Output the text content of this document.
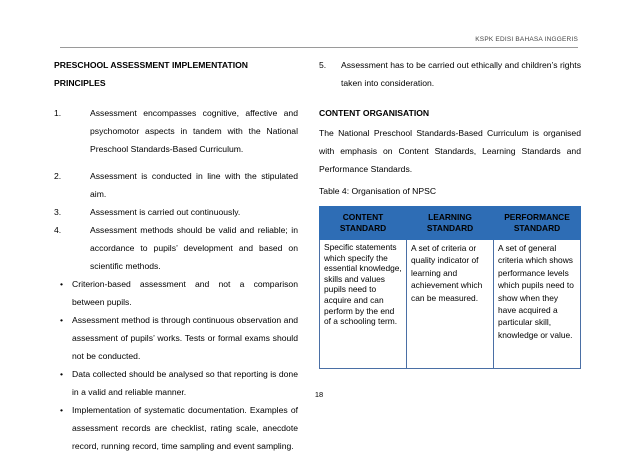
KSPK EDISI BAHASA INGGERIS

PRESCHOOL ASSESSMENT IMPLEMENTATION

PRINCIPLES

1.	Assessment encompasses cognitive, affective and psychomotor aspects in tandem with the National Preschool Standards-Based Curriculum.
2.	Assessment is conducted in line with the stipulated aim.
3.	Assessment is carried out continuously.
4.	Assessment methods should be valid and reliable; in accordance to pupils’ development and based on scientific methods.
•	Criterion-based assessment and not a comparison between pupils.
•	Assessment method is through continuous observation and assessment of pupils’ works. Tests or formal exams should not be conducted.
•	Data collected should be analysed so that reporting is done in a valid and reliable manner.
•	Implementation of systematic documentation. Examples of assessment records are checklist, rating scale, anecdote record, running record, time sampling and event sampling.
5.	Assessment has to be carried out ethically and children’s rights taken into consideration.

CONTENT ORGANISATION

The National Preschool Standards-Based Curriculum is organised with emphasis on Content Standards, Learning Standards and Performance Standards.

Table 4: Organisation of NPSC

CONTENT STANDARD	LEARNING STANDARD	PERFORMANCE STANDARD
Specific statements which specify the essential knowledge, skills and values pupils need to acquire and can perform by the end of a schooling term.	A set of criteria or quality indicator of learning and achievement which can be measured.	A set of general criteria which shows performance levels which pupils need to show when they have acquired a particular skill, knowledge or value.
18
